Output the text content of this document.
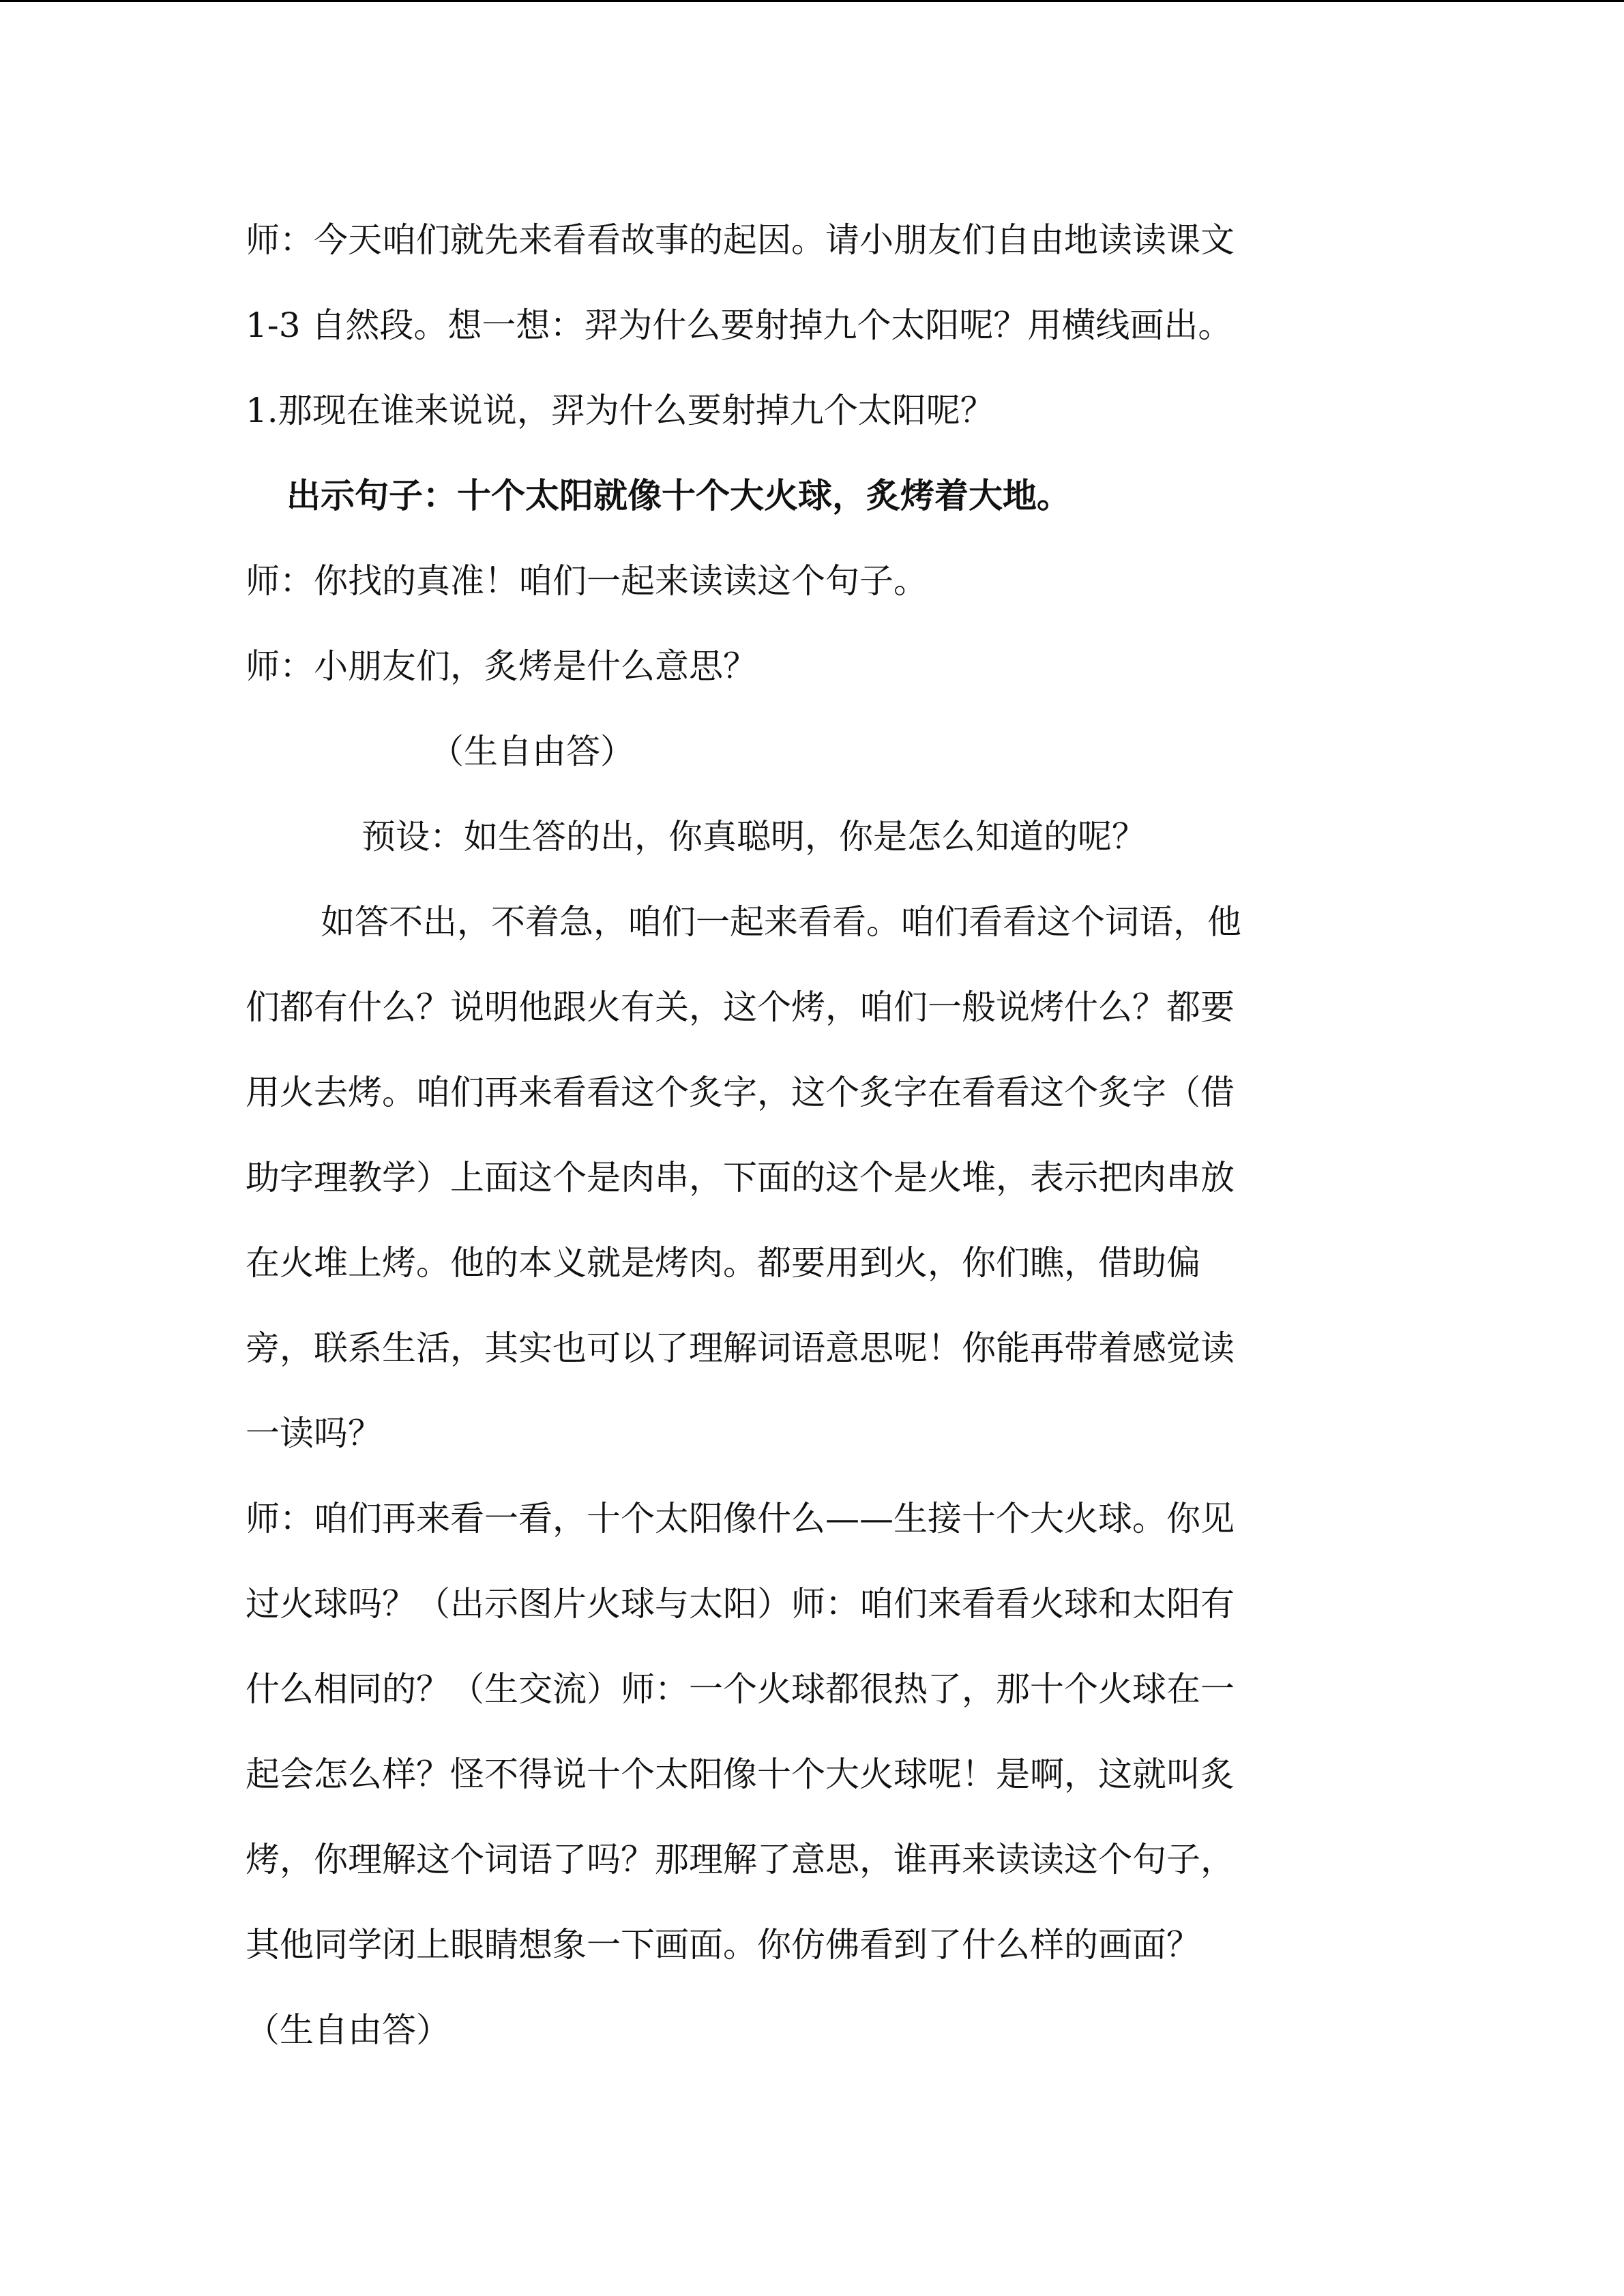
师：今天咱们就先来看看故事的起因。请小朋友们自由地读读课文
1-3 自然段。想一想：羿为什么要射掉九个太阳呢？用横线画出。
1.那现在谁来说说，羿为什么要射掉九个太阳呢？
出示句子：十个太阳就像十个大火球，炙烤着大地。
师：你找的真准！咱们一起来读读这个句子。
师：小朋友们，炙烤是什么意思？
（生自由答）
预设：如生答的出，你真聪明，你是怎么知道的呢？
如答不出，不着急，咱们一起来看看。咱们看看这个词语，他
们都有什么？说明他跟火有关，这个烤，咱们一般说烤什么？都要
用火去烤。咱们再来看看这个炙字，这个炙字在看看这个炙字（借
助字理教学）上面这个是肉串，下面的这个是火堆，表示把肉串放
在火堆上烤。他的本义就是烤肉。都要用到火，你们瞧，借助偏
旁，联系生活，其实也可以了理解词语意思呢！你能再带着感觉读
一读吗？
师：咱们再来看一看，十个太阳像什么——生接十个大火球。你见
过火球吗？（出示图片火球与太阳）师：咱们来看看火球和太阳有
什么相同的？（生交流）师：一个火球都很热了，那十个火球在一
起会怎么样？怪不得说十个太阳像十个大火球呢！是啊，这就叫炙
烤，你理解这个词语了吗？那理解了意思，谁再来读读这个句子，
其他同学闭上眼睛想象一下画面。你仿佛看到了什么样的画面？
（生自由答）
